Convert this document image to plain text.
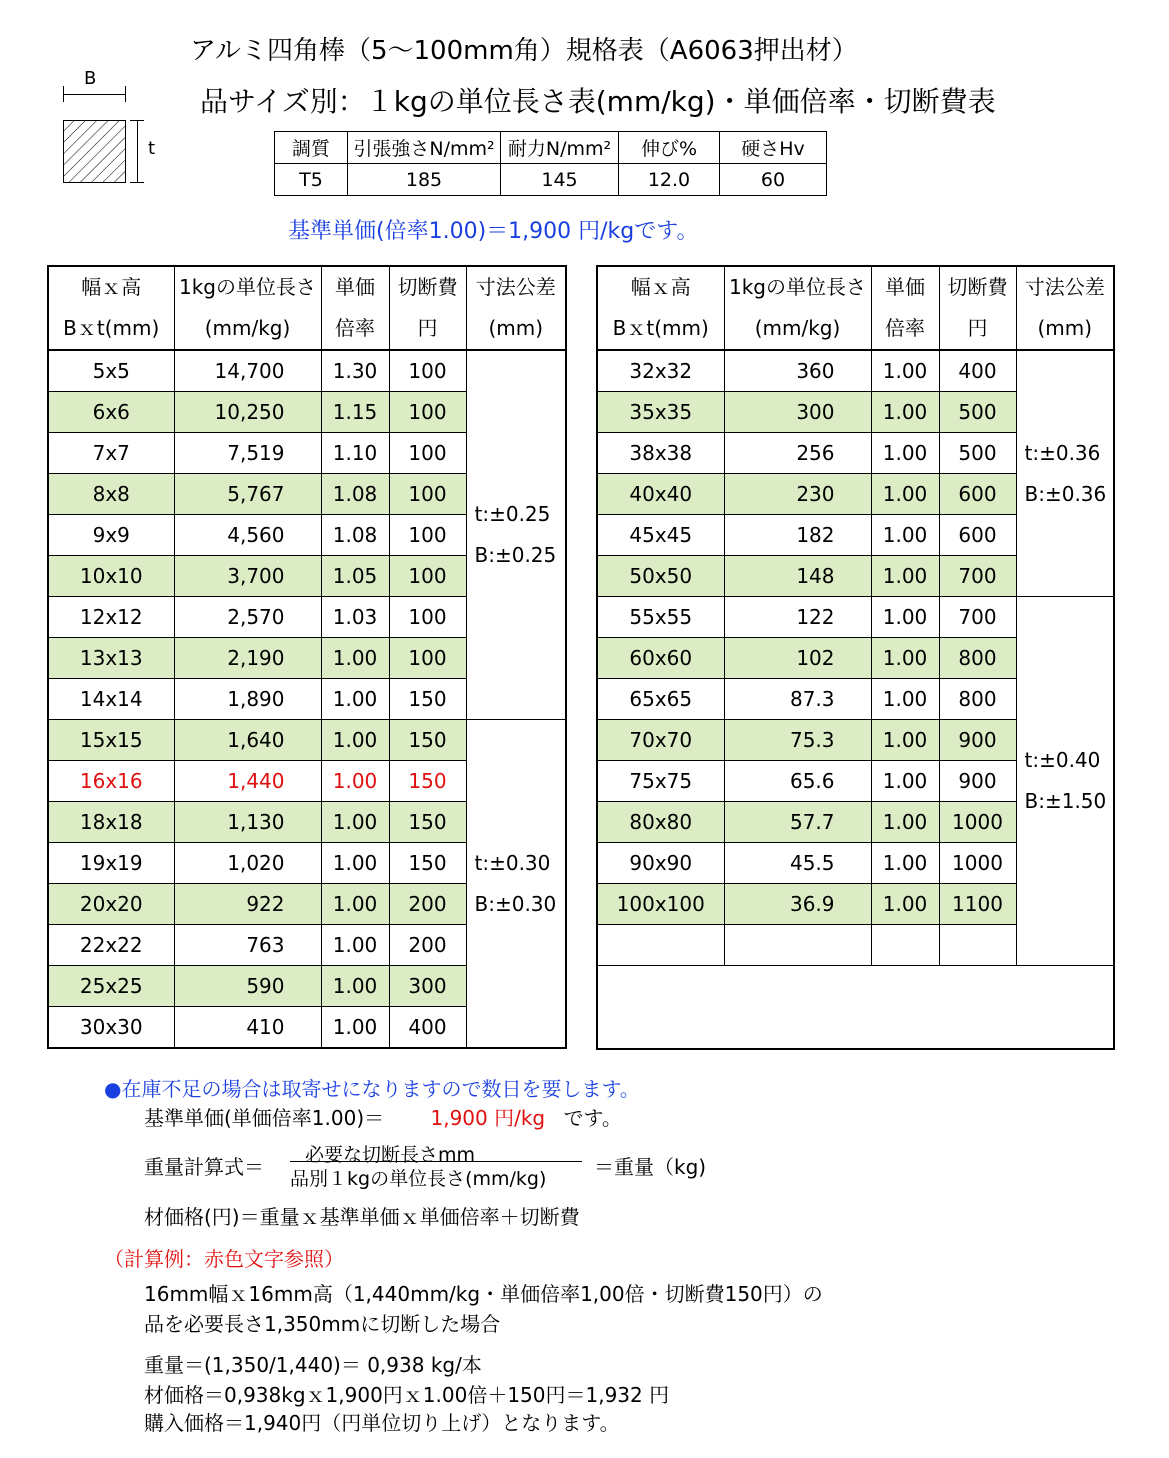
アルミ四角棒（5～100mm角）規格表（A6063押出材）
品サイズ別：１kgの単位長さ表(mm/kg)・単価倍率・切断費表
B
t	調質	引張強さN/mm²	耐力N/mm²	伸び%	硬さHv
T5	185	145	12.0	60
基準単価(倍率1.00)＝1,900 円/kgです。
幅ｘ高	1kgの単位長さ	単価	切断費	寸法公差
Bｘt(mm)	(mm/kg)	倍率	円	(mm)
5x5	14,700	1.30	100	t:±0.25
B:±0.25

6x6	10,250	1.15	100	
7x7	7,519	1.10	100	
8x8	5,767	1.08	100	
9x9	4,560	1.08	100	
10x10	3,700	1.05	100	
12x12	2,570	1.03	100	
13x13	2,190	1.00	100	
14x14	1,890	1.00	150	
15x15	1,640	1.00	150	t:±0.30
B:±0.30

16x16	1,440	1.00	150	
18x18	1,130	1.00	150	
19x19	1,020	1.00	150	
20x20	922	1.00	200	
22x22	763	1.00	200	
25x25	590	1.00	300	
30x30	410	1.00	400	
幅ｘ高	1kgの単位長さ	単価	切断費	寸法公差
Bｘt(mm)	(mm/kg)	倍率	円	(mm)
32x32	360	1.00	400	t:±0.36
B:±0.36

35x35	300	1.00	500	
38x38	256	1.00	500	
40x40	230	1.00	600	
45x45	182	1.00	600	
50x50	148	1.00	700	
55x55	122	1.00	700	t:±0.40
B:±1.50

60x60	102	1.00	800	
65x65	87.3	1.00	800	
70x70	75.3	1.00	900	
75x75	65.6	1.00	900	
80x80	57.7	1.00	1000	
90x90	45.5	1.00	1000	
100x100	36.9	1.00	1100	

●在庫不足の場合は取寄せになりますので数日を要します。
基準単価(単価倍率1.00)＝ 1,900 円/kg です。
重量計算式＝ 必要な切断長さmm
品別１kgの単位長さ(mm/kg) ＝重量（kg)
材価格(円)＝重量ｘ基準単価ｘ単価倍率＋切断費
（計算例：赤色文字参照）
16mm幅ｘ16mm高（1,440mm/kg・単価倍率1,00倍・切断費150円）の
品を必要長さ1,350mmに切断した場合
重量＝(1,350/1,440)＝ 0,938 kg/本
材価格＝0,938kgｘ1,900円ｘ1.00倍＋150円＝1,932 円
購入価格＝1,940円（円単位切り上げ）となります。
